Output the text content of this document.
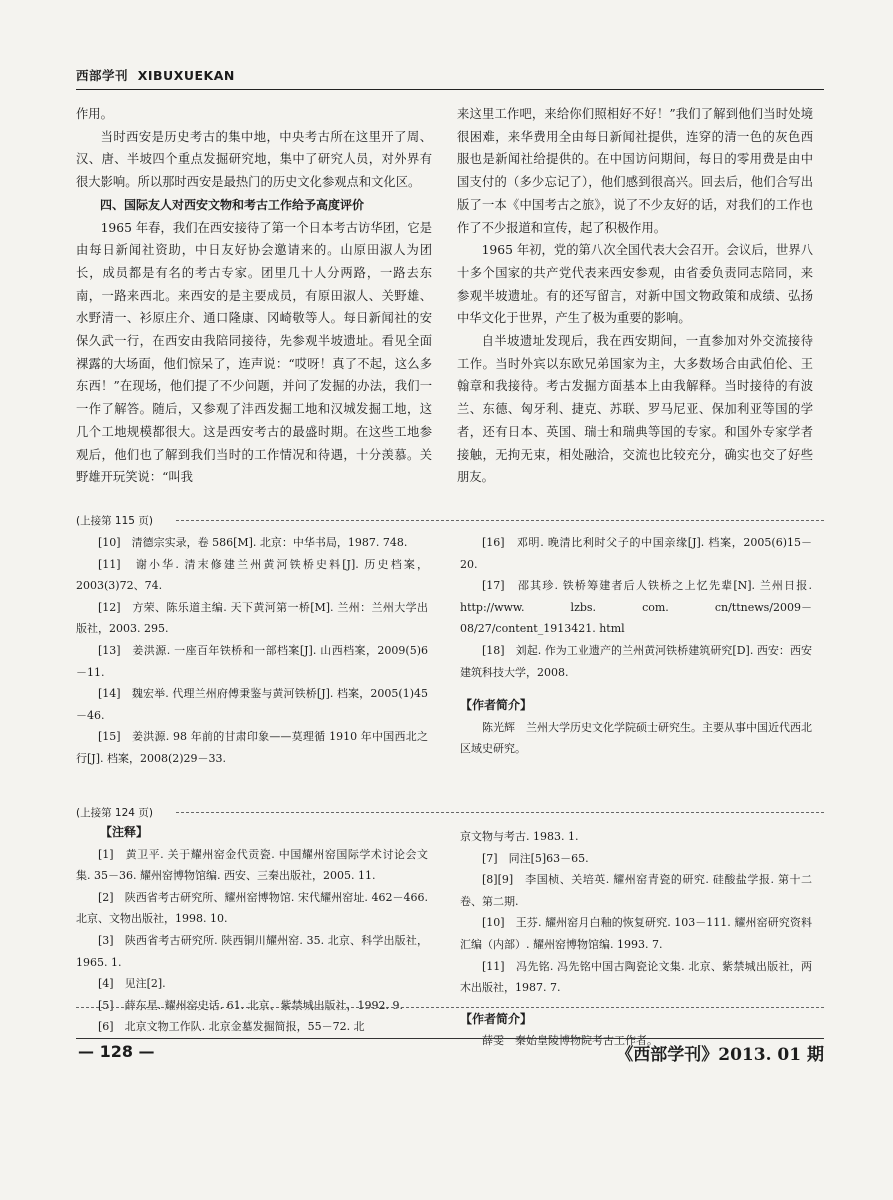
西部学刊 XIBUXUEKAN

作用。

当时西安是历史考古的集中地，中央考古所在这里开了周、汉、唐、半坡四个重点发掘研究地，集中了研究人员，对外界有很大影响。所以那时西安是最热门的历史文化参观点和文化区。

四、国际友人对西安文物和考古工作给予高度评价

1965 年春，我们在西安接待了第一个日本考古访华团，它是由每日新闻社资助，中日友好协会邀请来的。山原田淑人为团长，成员都是有名的考古专家。团里几十人分两路，一路去东南，一路来西北。来西安的是主要成员，有原田淑人、关野雄、水野清一、衫原庄介、通口隆康、冈崎敬等人。每日新闻社的安保久武一行，在西安由我陪同接待，先参观半坡遗址。看见全面裸露的大场面，他们惊呆了，连声说：“哎呀！真了不起，这么多东西！”在现场，他们提了不少问题，并问了发掘的办法，我们一一作了解答。随后，又参观了沣西发掘工地和汉城发掘工地，这几个工地规模都很大。这是西安考古的最盛时期。在这些工地参观后，他们也了解到我们当时的工作情况和待遇，十分羡慕。关野雄开玩笑说：“叫我

来这里工作吧，来给你们照相好不好！”我们了解到他们当时处境很困难，来华费用全由每日新闻社提供，连穿的清一色的灰色西服也是新闻社给提供的。在中国访问期间，每日的零用费是由中国支付的（多少忘记了），他们感到很高兴。回去后，他们合写出版了一本《中国考古之旅》，说了不少友好的话，对我们的工作也作了不少报道和宣传，起了积极作用。

1965 年初，党的第八次全国代表大会召开。会议后，世界八十多个国家的共产党代表来西安参观，由省委负责同志陪同，来参观半坡遗址。有的还写留言，对新中国文物政策和成绩、弘扬中华文化于世界，产生了极为重要的影响。

自半坡遗址发现后，我在西安期间，一直参加对外交流接待工作。当时外宾以东欧兄弟国家为主，大多数场合由武伯伦、王翰章和我接待。考古发掘方面基本上由我解释。当时接待的有波兰、东德、匈牙利、捷克、苏联、罗马尼亚、保加利亚等国的学者，还有日本、英国、瑞士和瑞典等国的专家。和国外专家学者接触，无拘无束，相处融洽，交流也比较充分，确实也交了好些朋友。

(上接第 115 页)

[10]　清德宗实录，卷 586[M]. 北京：中华书局，1987. 748.

[11]　谢小华. 清末修建兰州黄河铁桥史料[J]. 历史档案，2003(3)72、74.

[12]　方荣、陈乐道主编. 天下黄河第一桥[M]. 兰州：兰州大学出版社，2003. 295.

[13]　姜洪源. 一座百年铁桥和一部档案[J]. 山西档案，2009(5)6－11.

[14]　魏宏举. 代理兰州府傅秉鉴与黄河铁桥[J]. 档案，2005(1)45－46.

[15]　姜洪源. 98 年前的甘肃印象——莫理循 1910 年中国西北之行[J]. 档案，2008(2)29－33.

[16]　邓明. 晚清比利时父子的中国亲缘[J]. 档案，2005(6)15－20.

[17]　邵其珍. 铁桥筹建者后人铁桥之上忆先辈[N]. 兰州日报. http://www. lzbs. com. cn/ttnews/2009－08/27/content_1913421. html

[18]　刘起. 作为工业遗产的兰州黄河铁桥建筑研究[D]. 西安：西安建筑科技大学，2008.

【作者简介】

陈光辉　兰州大学历史文化学院硕士研究生。主要从事中国近代西北区域史研究。

(上接第 124 页)
【注释】

[1]　黄卫平. 关于耀州窑金代贡瓷. 中国耀州窑国际学术讨论会文集. 35－36. 耀州窑博物馆编. 西安、三秦出版社，2005. 11.

[2]　陕西省考古研究所、耀州窑博物馆. 宋代耀州窑址. 462－466. 北京、文物出版社，1998. 10.

[3]　陕西省考古研究所. 陕西铜川耀州窑. 35. 北京、科学出版社，1965. 1.

[4]　见注[2].

[5]　薛东星. 耀州窑史话. 61. 北京、紫禁城出版社，1992. 9.

[6]　北京文物工作队. 北京金墓发掘简报，55－72. 北

京文物与考古. 1983. 1.

[7]　同注[5]63－65.

[8][9]　李国桢、关培英. 耀州窑青瓷的研究. 硅酸盐学报. 第十二卷、第二期.

[10]　王芬. 耀州窑月白釉的恢复研究. 103－111. 耀州窑研究资料汇编（内部）. 耀州窑博物馆编. 1993. 7.

[11]　冯先铭. 冯先铭中国古陶瓷论文集. 北京、紫禁城出版社，两木出版社，1987. 7.

【作者简介】

薛雯　秦始皇陵博物院考古工作者。

— 128 —	《西部学刊》2013. 01 期
